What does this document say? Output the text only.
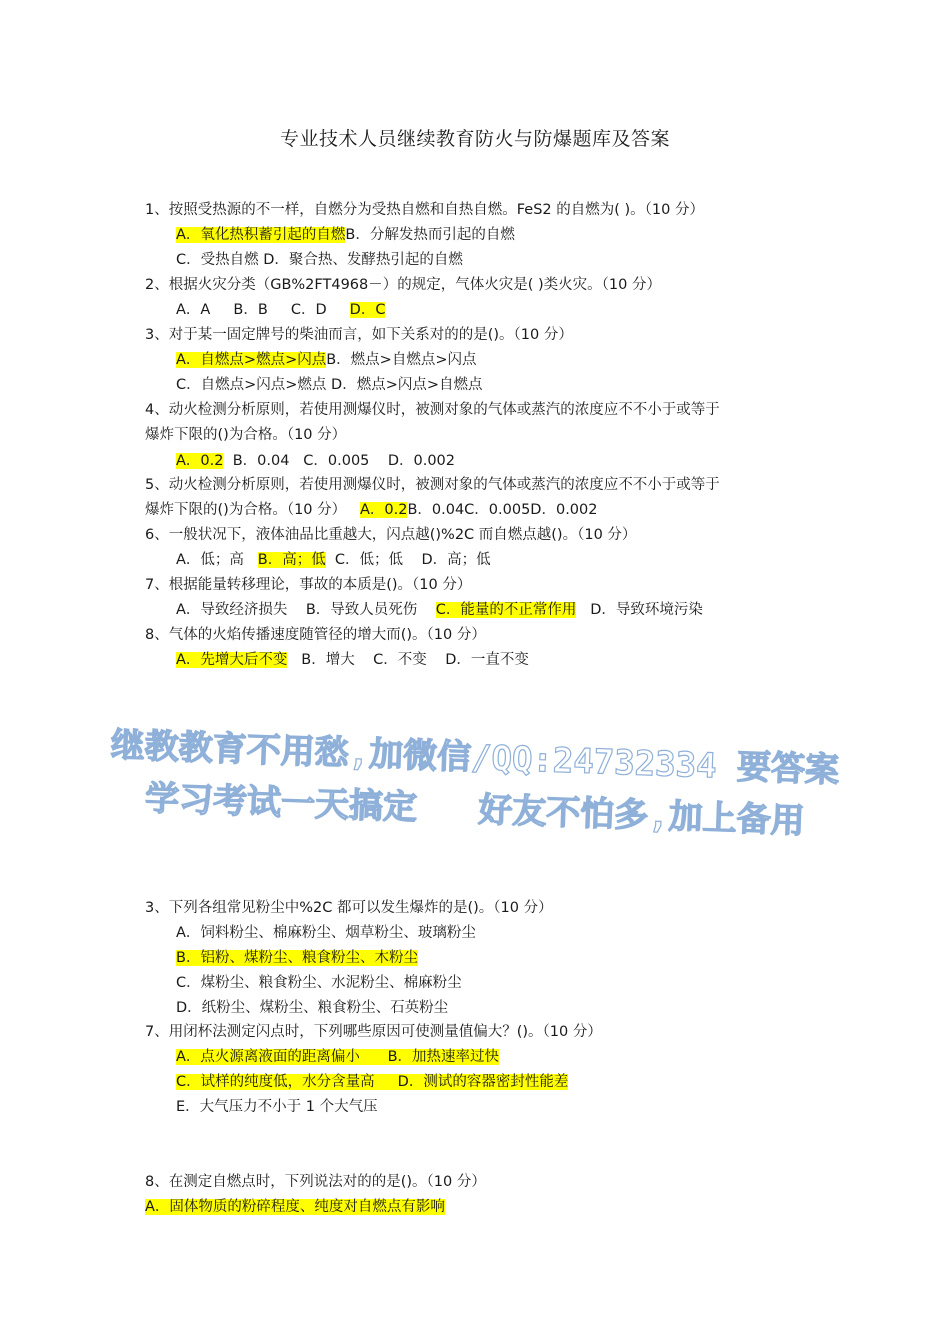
专业技术人员继续教育防火与防爆题库及答案
1、按照受热源的不一样，自燃分为受热自燃和自热自燃。FeS2 的自燃为( )。（10 分）
A．氧化热积蓄引起的自燃B．分解发热而引起的自燃
C．受热自燃 D．聚合热、发酵热引起的自燃
2、根据火灾分类（GB%2FT4968－）的规定，气体火灾是( )类火灾。（10 分）
A．A     B．B     C．D     D．C
3、对于某一固定牌号的柴油而言，如下关系对的的是()。（10 分）
A．自燃点>燃点>闪点B．燃点>自燃点>闪点
C．自燃点>闪点>燃点 D．燃点>闪点>自燃点
4、动火检测分析原则，若使用测爆仪时，被测对象的气体或蒸汽的浓度应不不小于或等于
爆炸下限的()为合格。（10 分）
A．0.2  B．0.04   C．0.005    D．0.002
5、动火检测分析原则，若使用测爆仪时，被测对象的气体或蒸汽的浓度应不不小于或等于
爆炸下限的()为合格。（10 分）   A．0.2B．0.04C．0.005D．0.002
6、一般状况下，液体油品比重越大，闪点越()%2C 而自燃点越()。（10 分）
A．低；高   B．高；低  C．低；低    D．高；低
7、根据能量转移理论，事故的本质是()。（10 分）
A．导致经济损失    B．导致人员死伤    C．能量的不正常作用   D．导致环境污染
8、气体的火焰传播速度随管径的增大而()。（10 分）
A．先增大后不变   B．增大    C．不变    D．一直不变
继教教育不用愁,加微信/QQ:24732334 要答案
学习考试一天搞定   好友不怕多,加上备用
3、下列各组常见粉尘中%2C 都可以发生爆炸的是()。（10 分）
A．饲料粉尘、棉麻粉尘、烟草粉尘、玻璃粉尘
B．铝粉、煤粉尘、粮食粉尘、木粉尘
C．煤粉尘、粮食粉尘、水泥粉尘、棉麻粉尘
D．纸粉尘、煤粉尘、粮食粉尘、石英粉尘
7、用闭杯法测定闪点时，下列哪些原因可使测量值偏大？()。（10 分）
A．点火源离液面的距离偏小      B．加热速率过快
C．试样的纯度低，水分含量高     D．测试的容器密封性能差
E．大气压力不小于 1 个大气压
8、在测定自燃点时，下列说法对的的是()。（10 分）
A．固体物质的粉碎程度、纯度对自燃点有影响
